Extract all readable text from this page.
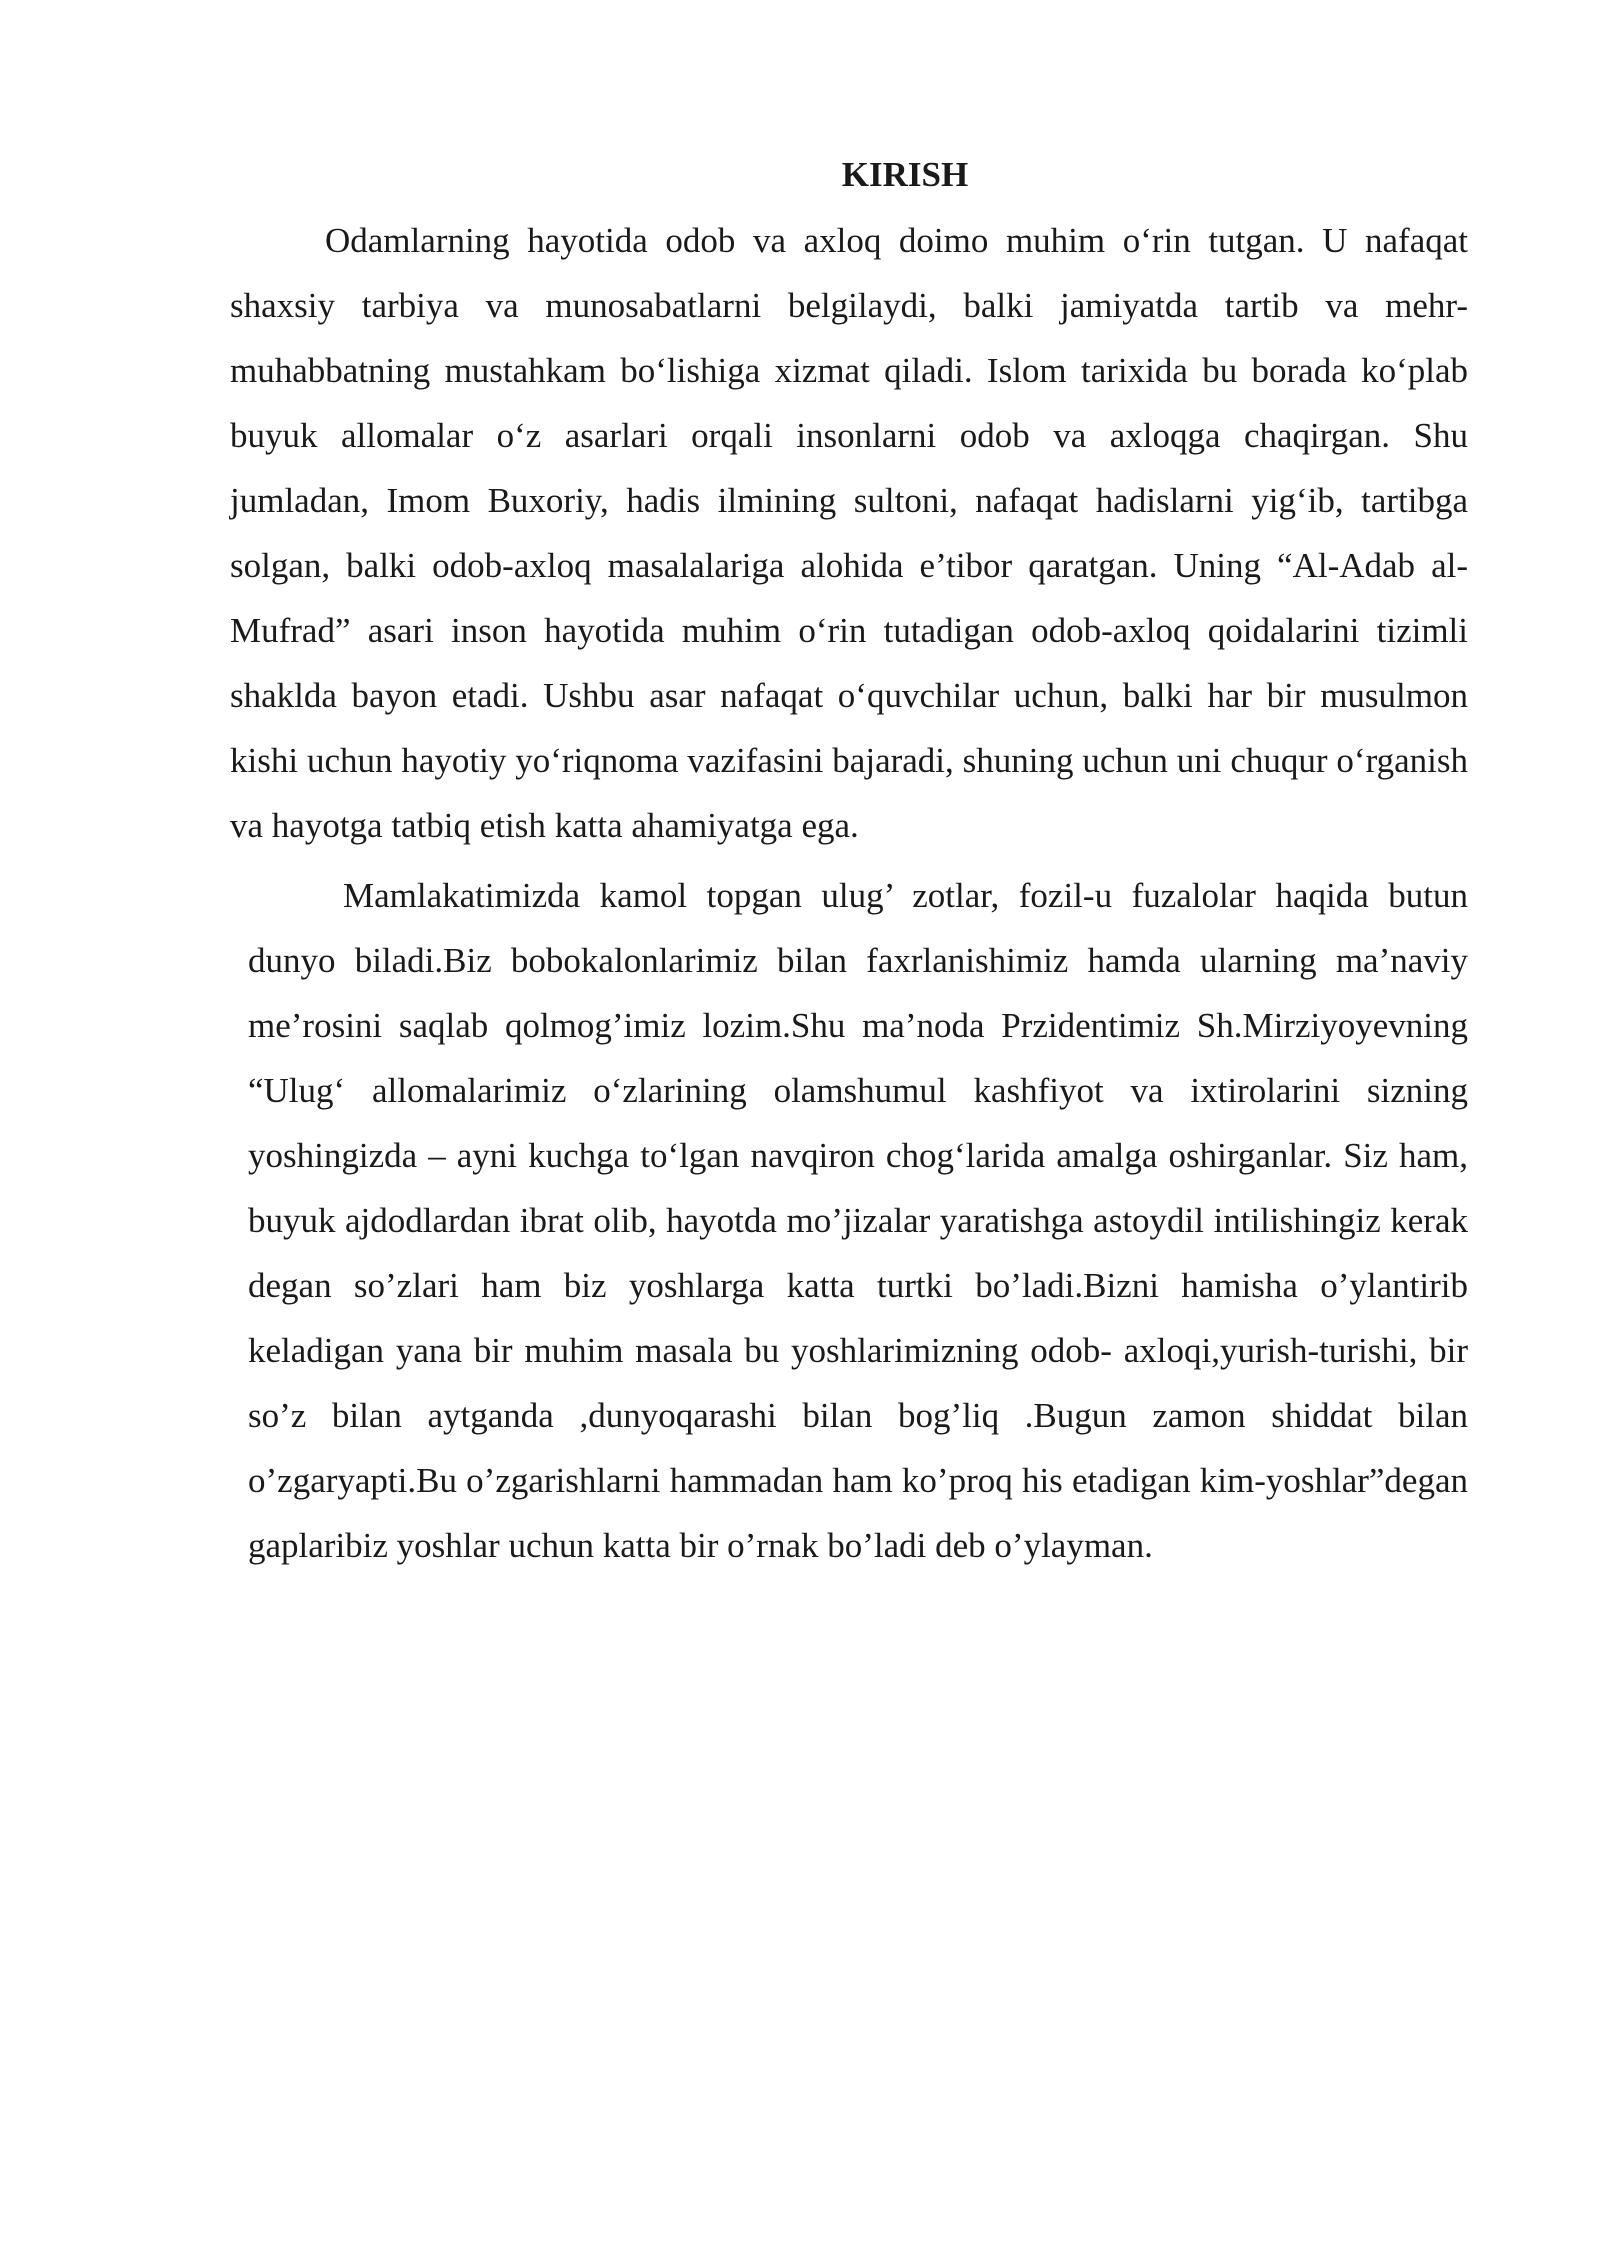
KIRISH

Odamlarning hayotida odob va axloq doimo muhim o‘rin tutgan. U nafaqat shaxsiy tarbiya va munosabatlarni belgilaydi, balki jamiyatda tartib va mehr-muhabbatning mustahkam bo‘lishiga xizmat qiladi. Islom tarixida bu borada ko‘plab buyuk allomalar o‘z asarlari orqali insonlarni odob va axloqga chaqirgan. Shu jumladan, Imom Buxoriy, hadis ilmining sultoni, nafaqat hadislarni yig‘ib, tartibga solgan, balki odob-axloq masalalariga alohida e’tibor qaratgan. Uning “Al-Adab al-Mufrad” asari inson hayotida muhim o‘rin tutadigan odob-axloq qoidalarini tizimli shaklda bayon etadi. Ushbu asar nafaqat o‘quvchilar uchun, balki har bir musulmon kishi uchun hayotiy yo‘riqnoma vazifasini bajaradi, shuning uchun uni chuqur o‘rganish va hayotga tatbiq etish katta ahamiyatga ega.

Mamlakatimizda kamol topgan ulug’ zotlar, fozil-u fuzalolar haqida butun dunyo biladi.Biz bobokalonlarimiz bilan faxrlanishimiz hamda ularning ma’naviy me’rosini saqlab qolmog’imiz lozim.Shu ma’noda Przidentimiz Sh.Mirziyoyevning “Ulug‘ allomalarimiz o‘zlarining olamshumul kashfiyot va ixtirolarini sizning yoshingizda – ayni kuchga to‘lgan navqiron chog‘larida amalga oshirganlar. Siz ham, buyuk ajdodlardan ibrat olib, hayotda mo’jizalar yaratishga astoydil intilishingiz kerak degan so’zlari ham biz yoshlarga katta turtki bo’ladi.Bizni hamisha o’ylantirib keladigan yana bir muhim masala bu yoshlarimizning odob- axloqi,yurish-turishi, bir so’z bilan aytganda ,dunyoqarashi bilan bog’liq .Bugun zamon shiddat bilan o’zgaryapti.Bu o’zgarishlarni hammadan ham ko’proq his etadigan kim-yoshlar”degan gaplaribiz yoshlar uchun katta bir o’rnak bo’ladi deb o’ylayman.
